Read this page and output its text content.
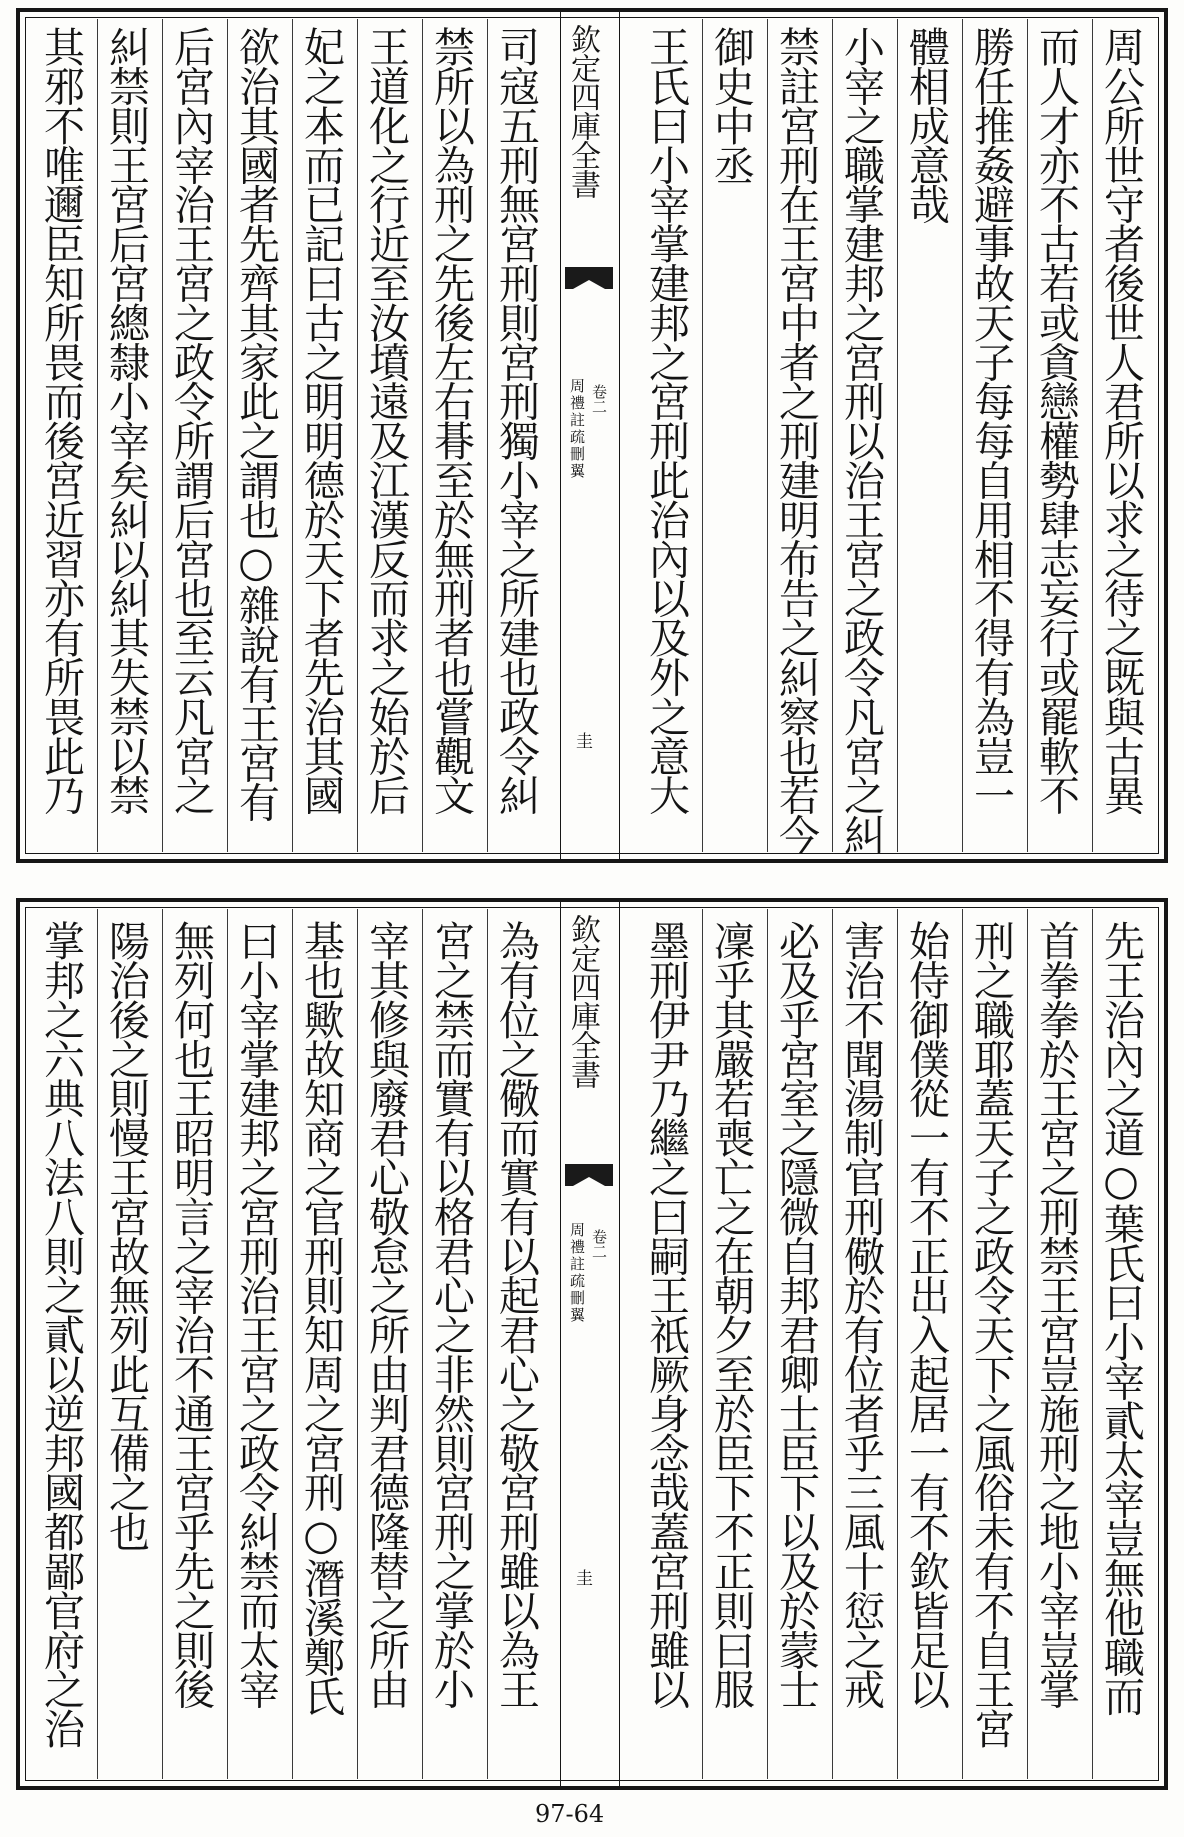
欽定四庫全書
周禮註疏刪翼 卷二
圭	周公所世守者後世人君所以求之待之既與古異
而人才亦不古若或貪戀權勢肆志妄行或罷軟不
勝任推姦避事故天子每每自用相不得有為豈一
體相成意哉
小宰之職掌建邦之宮刑以治王宮之政令凡宮之糾
禁註宮刑在王宮中者之刑建明布告之糾察也若今
御史中丞
王氏曰小宰掌建邦之宮刑此治內以及外之意大
司寇五刑無宮刑則宮刑獨小宰之所建也政令糾
禁所以為刑之先後左右朞至於無刑者也嘗觀文
王道化之行近至汝墳遠及江漢反而求之始於后
妃之本而已記曰古之明明德於天下者先治其國
欲治其國者先齊其家此之謂也○雜說有王宮有
后宮內宰治王宮之政令所謂后宮也至云凡宮之
糾禁則王宮后宮總隸小宰矣糾以糾其失禁以禁
其邪不唯邇臣知所畏而後宮近習亦有所畏此乃
欽定四庫全書
周禮註疏刪翼 卷二
圭	先王治內之道○葉氏曰小宰貳太宰豈無他職而
首拳拳於王宮之刑禁王宮豈施刑之地小宰豈掌
刑之職耶蓋天子之政令天下之風俗未有不自王宮
始侍御僕從一有不正出入起居一有不欽皆足以
害治不聞湯制官刑儆於有位者乎三風十愆之戒
必及乎宮室之隱微自邦君卿士臣下以及於蒙士
凜乎其嚴若喪亡之在朝夕至於臣下不正則曰服
墨刑伊尹乃繼之曰嗣王祇厥身念哉蓋宮刑雖以
為有位之儆而實有以起君心之敬宮刑雖以為王
宮之禁而實有以格君心之非然則宮刑之掌於小
宰其修與廢君心敬怠之所由判君德隆替之所由
基也歟故知商之官刑則知周之宮刑○潛溪鄭氏
曰小宰掌建邦之宮刑治王宮之政令糾禁而太宰
無列何也王昭明言之宰治不通王宮乎先之則後
陽治後之則慢王宮故無列此互備之也
掌邦之六典八法八則之貳以逆邦國都鄙官府之治
97-64
